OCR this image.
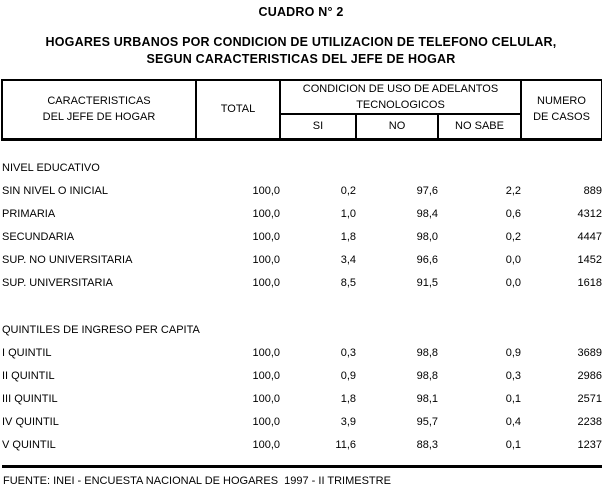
CUADRO N° 2
HOGARES URBANOS POR CONDICION DE UTILIZACION DE TELEFONO CELULAR,
SEGUN CARACTERISTICAS DEL JEFE DE HOGAR
CARACTERISTICAS
DEL JEFE DE HOGAR
	TOTAL	
CONDICION DE USO DE ADELANTOS
TECNOLOGICOS	NUMERO
DE CASOS

		SI	NO	NO SABE	

NIVEL EDUCATIVO					
SIN NIVEL O INICIAL	100,0	0,2	97,6	2,2	889
PRIMARIA	100,0	1,0	98,4	0,6	4312
SECUNDARIA	100,0	1,8	98,0	0,2	4447
SUP. NO UNIVERSITARIA	100,0	3,4	96,6	0,0	1452
SUP. UNIVERSITARIA	100,0	8,5	91,5	0,0	1618

QUINTILES DE INGRESO PER CAPITA					
I QUINTIL	100,0	0,3	98,8	0,9	3689
II QUINTIL	100,0	0,9	98,8	0,3	2986
III QUINTIL	100,0	1,8	98,1	0,1	2571
IV QUINTIL	100,0	3,9	95,7	0,4	2238
V QUINTIL	100,0	11,6	88,3	0,1	1237

FUENTE: INEI - ENCUESTA NACIONAL DE HOGARES  1997 - II TRIMESTRE
